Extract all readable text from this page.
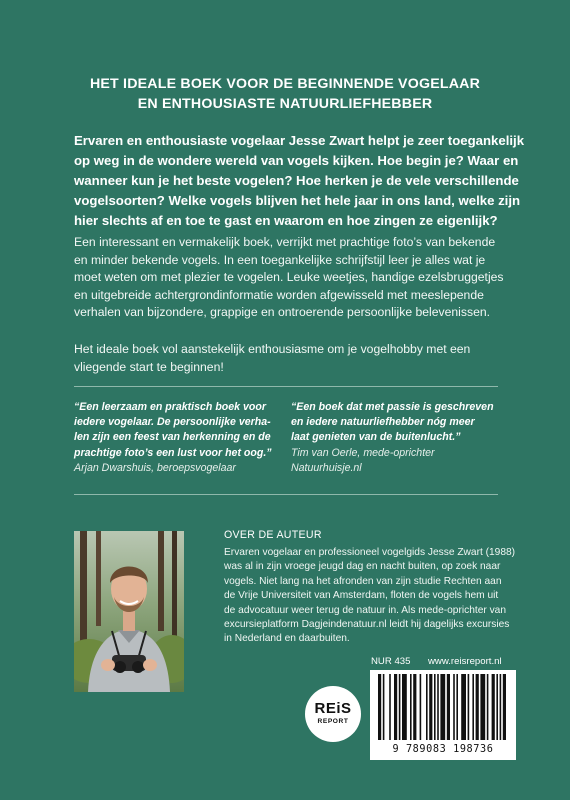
HET IDEALE BOEK VOOR DE BEGINNENDE VOGELAAR
EN ENTHOUSIASTE NATUURLIEFHEBBER
Ervaren en enthousiaste vogelaar Jesse Zwart helpt je zeer toegankelijk
op weg in de wondere wereld van vogels kijken. Hoe begin je? Waar en
wanneer kun je het beste vogelen? Hoe herken je de vele verschillende
vogelsoorten? Welke vogels blijven het hele jaar in ons land, welke zijn
hier slechts af en toe te gast en waarom en hoe zingen ze eigenlijk?
Een interessant en vermakelijk boek, verrijkt met prachtige foto’s van bekende
en minder bekende vogels. In een toegankelijke schrijfstijl leer je alles wat je
moet weten om met plezier te vogelen. Leuke weetjes, handige ezelsbruggetjes
en uitgebreide achtergrondinformatie worden afgewisseld met meeslepende
verhalen van bijzondere, grappige en ontroerende persoonlijke belevenissen.
Het ideale boek vol aanstekelijk enthousiasme om je vogelhobby met een
vliegende start te beginnen!
“Een leerzaam en praktisch boek voor
iedere vogelaar. De persoonlijke verha-
len zijn een feest van herkenning en de
prachtige foto’s een lust voor het oog.”
Arjan Dwarshuis, beroepsvogelaar
“Een boek dat met passie is geschreven
en iedere natuurliefhebber nóg meer
laat genieten van de buitenlucht.”
Tim van Oerle, mede-oprichter
Natuurhuisje.nl
OVER DE AUTEUR
Ervaren vogelaar en professioneel vogelgids Jesse Zwart (1988)
was al in zijn vroege jeugd dag en nacht buiten, op zoek naar
vogels. Niet lang na het afronden van zijn studie Rechten aan
de Vrije Universiteit van Amsterdam, floten de vogels hem uit
de advocatuur weer terug de natuur in. Als mede-oprichter van
excursieplatform Dagjeindenatuur.nl leidt hij dagelijks excursies
in Nederland en daarbuiten.
NUR 435 www.reisreport.nl
REiS
REPORT
9 789083 198736
